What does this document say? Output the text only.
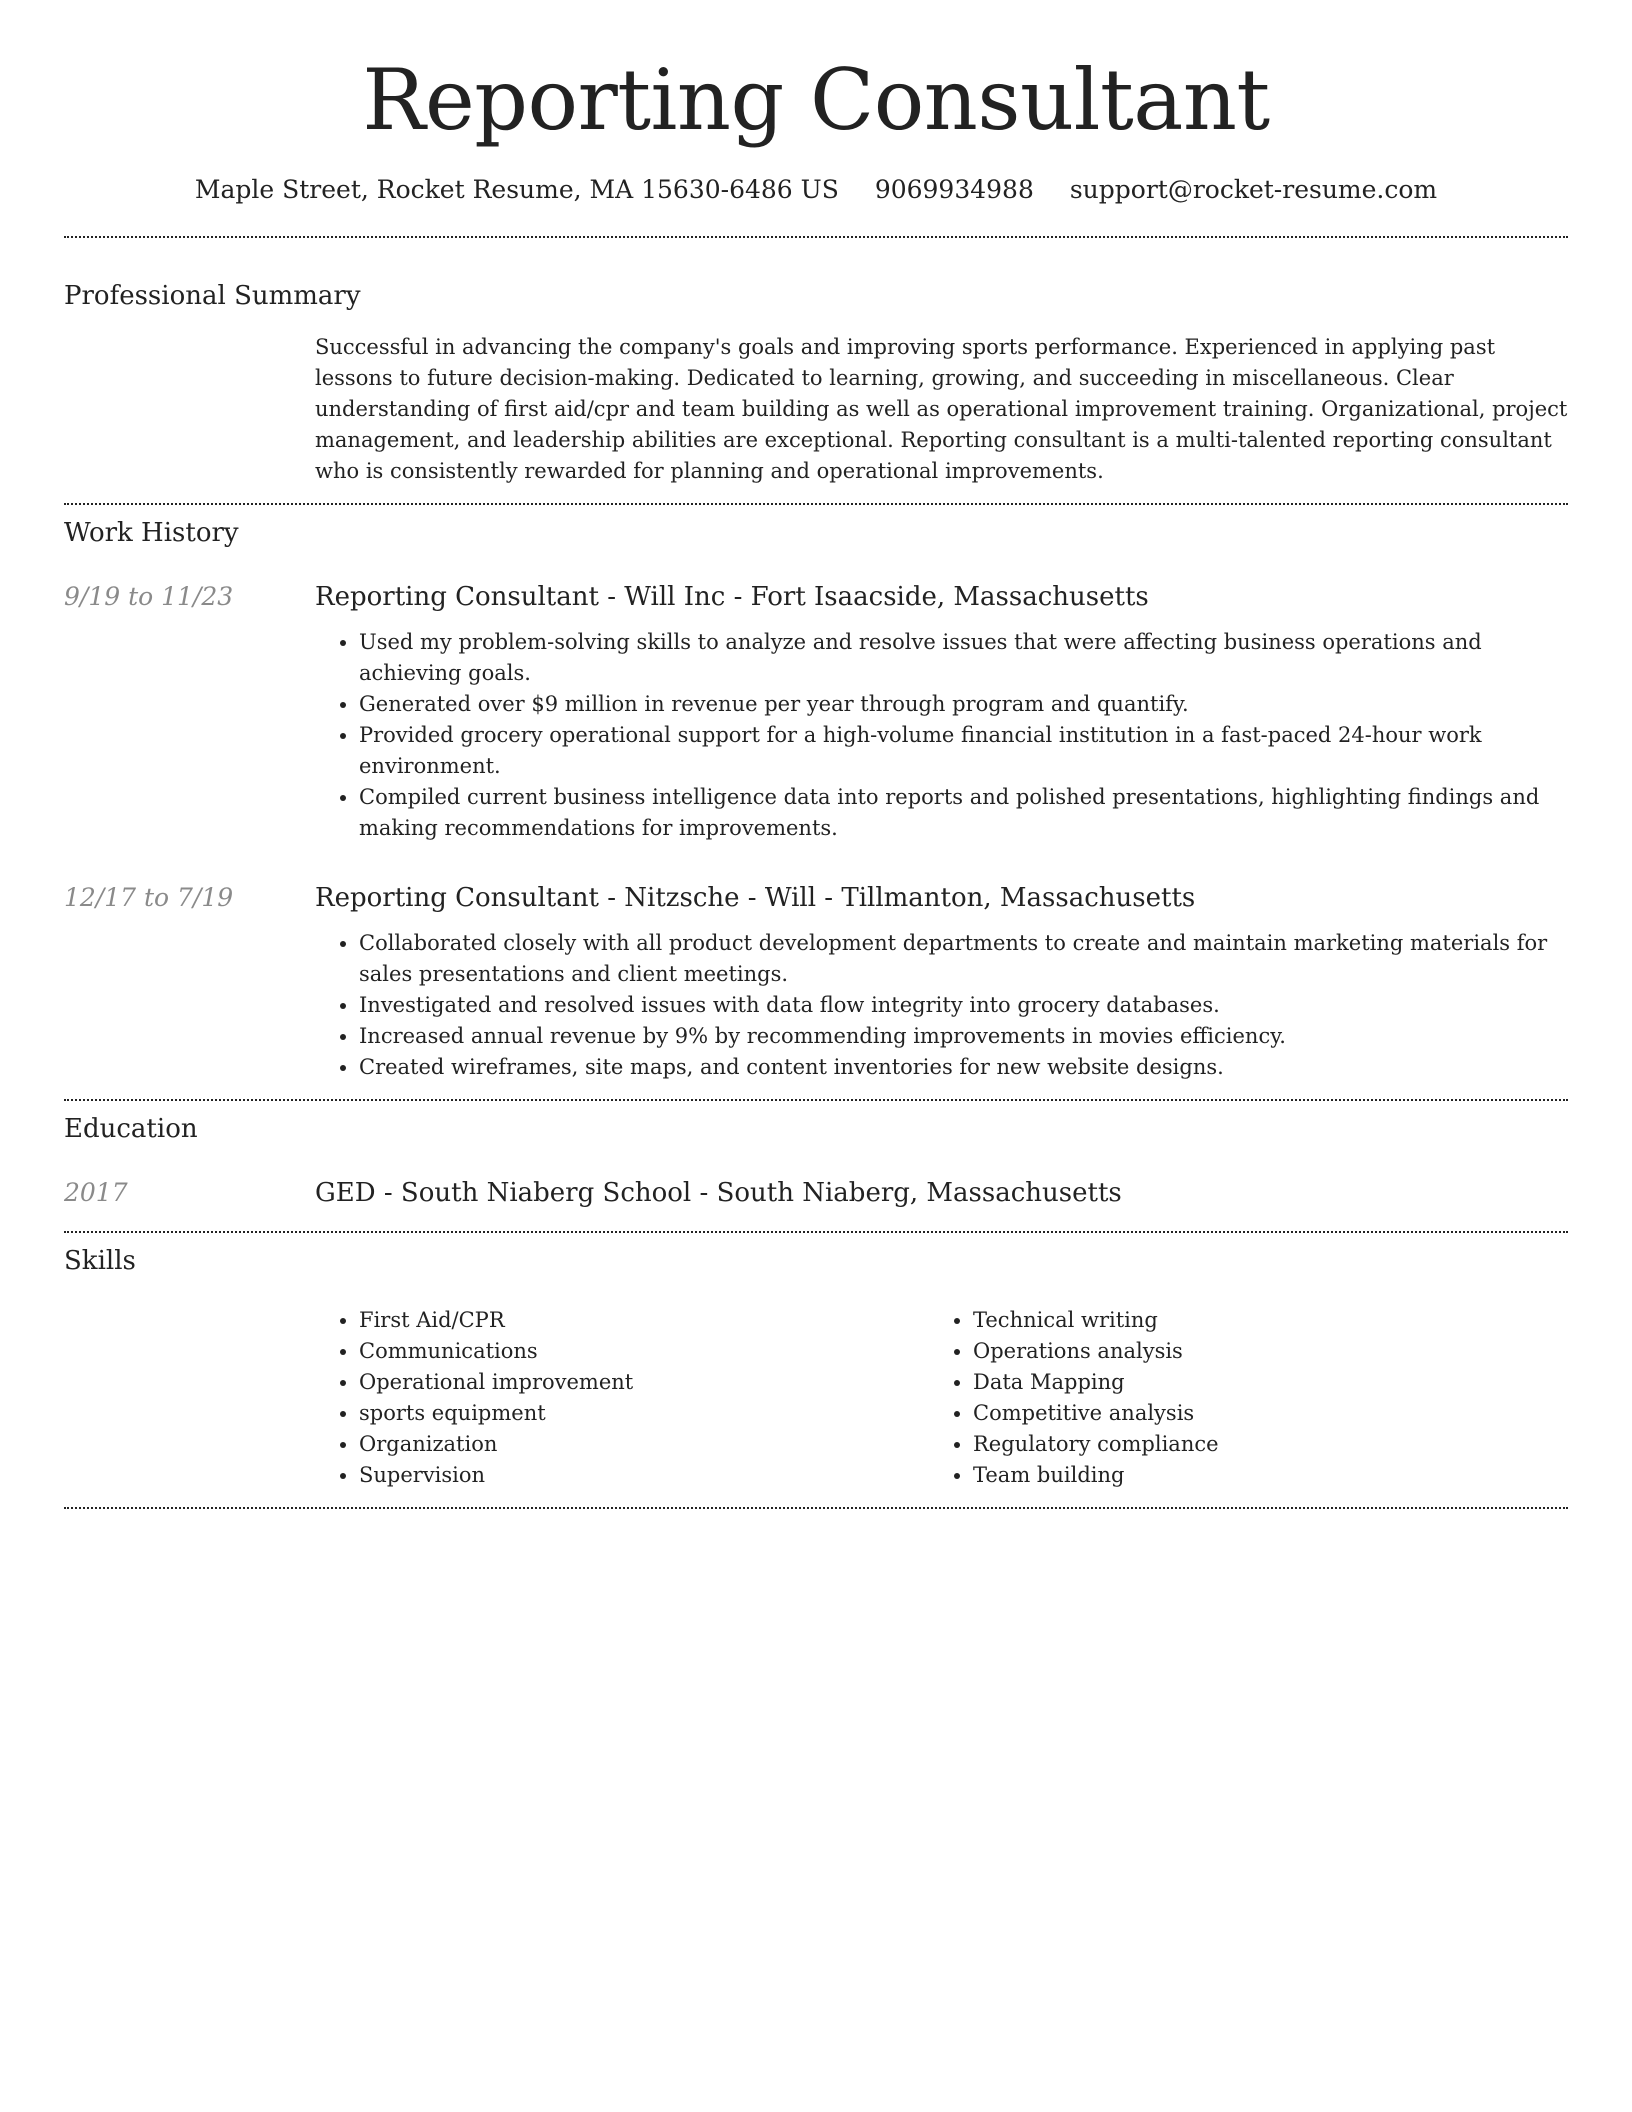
Reporting Consultant
Maple Street, Rocket Resume, MA 15630-6486 US 9069934988 support@rocket-resume.com
Professional Summary

Successful in advancing the company's goals and improving sports performance. Experienced in applying past lessons to future decision-making. Dedicated to learning, growing, and succeeding in miscellaneous. Clear understanding of first aid/cpr and team building as well as operational improvement training. Organizational, project management, and leadership abilities are exceptional. Reporting consultant is a multi-talented reporting consultant who is consistently rewarded for planning and operational improvements.

Work History
9/19 to 11/23	Reporting Consultant - Will Inc - Fort Isaacside, Massachusetts
• Used my problem-solving skills to analyze and resolve issues that were affecting business operations and achieving goals.
• Generated over $9 million in revenue per year through program and quantify.
• Provided grocery operational support for a high-volume financial institution in a fast-paced 24-hour work environment.
• Compiled current business intelligence data into reports and polished presentations, highlighting findings and making recommendations for improvements.
12/17 to 7/19	Reporting Consultant - Nitzsche - Will - Tillmanton, Massachusetts
• Collaborated closely with all product development departments to create and maintain marketing materials for sales presentations and client meetings.
• Investigated and resolved issues with data flow integrity into grocery databases.
• Increased annual revenue by 9% by recommending improvements in movies efficiency.
• Created wireframes, site maps, and content inventories for new website designs.
Education
2017	GED - South Niaberg School - South Niaberg, Massachusetts
Skills
• First Aid/CPR
• Communications
• Operational improvement
• sports equipment
• Organization
• Supervision
• Technical writing
• Operations analysis
• Data Mapping
• Competitive analysis
• Regulatory compliance
• Team building
